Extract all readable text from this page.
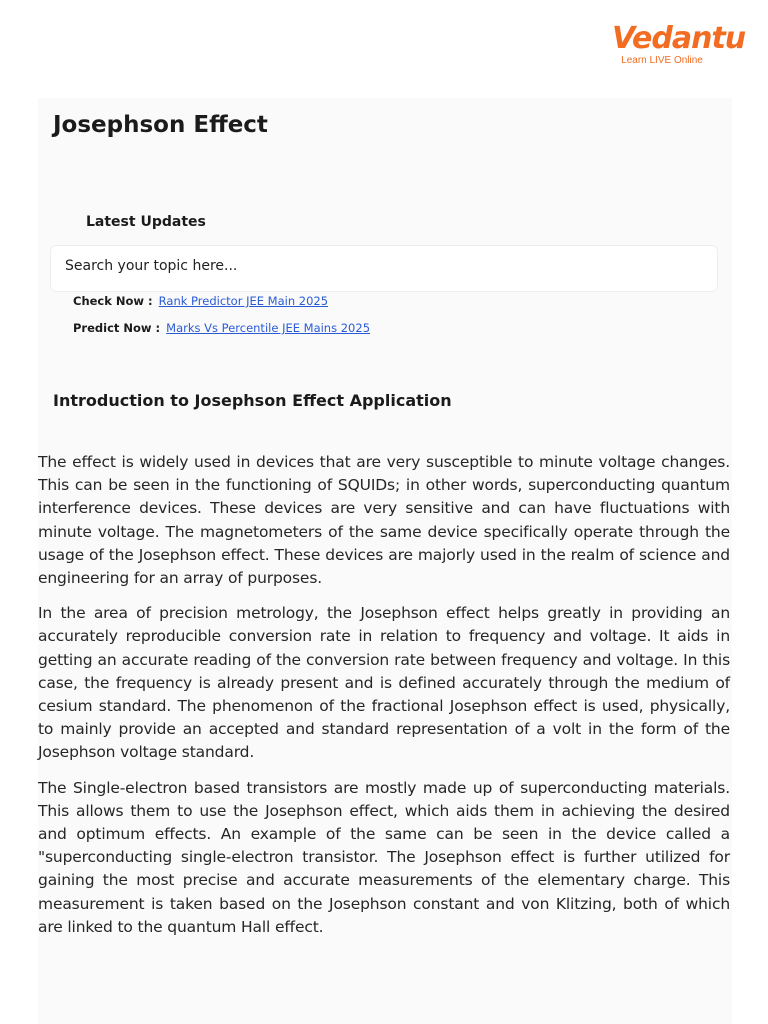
Vedantu
Learn LIVE Online
Josephson Effect
Latest Updates
Search your topic here...
Check Now : Rank Predictor JEE Main 2025
Predict Now : Marks Vs Percentile JEE Mains 2025
Introduction to Josephson Effect Application

The effect is widely used in devices that are very susceptible to minute voltage changes. This can be seen in the functioning of SQUIDs; in other words, superconducting quantum interference devices. These devices are very sensitive and can have fluctuations with minute voltage. The magnetometers of the same device specifically operate through the usage of the Josephson effect. These devices are majorly used in the realm of science and engineering for an array of purposes.

In the area of precision metrology, the Josephson effect helps greatly in providing an accurately reproducible conversion rate in relation to frequency and voltage. It aids in getting an accurate reading of the conversion rate between frequency and voltage. In this case, the frequency is already present and is defined accurately through the medium of cesium standard. The phenomenon of the fractional Josephson effect is used, physically, to mainly provide an accepted and standard representation of a volt in the form of the Josephson voltage standard.

The Single-electron based transistors are mostly made up of superconducting materials. This allows them to use the Josephson effect, which aids them in achieving the desired and optimum effects. An example of the same can be seen in the device called a "superconducting single-electron transistor. The Josephson effect is further utilized for gaining the most precise and accurate measurements of the elementary charge. This measurement is taken based on the Josephson constant and von Klitzing, both of which are linked to the quantum Hall effect.
